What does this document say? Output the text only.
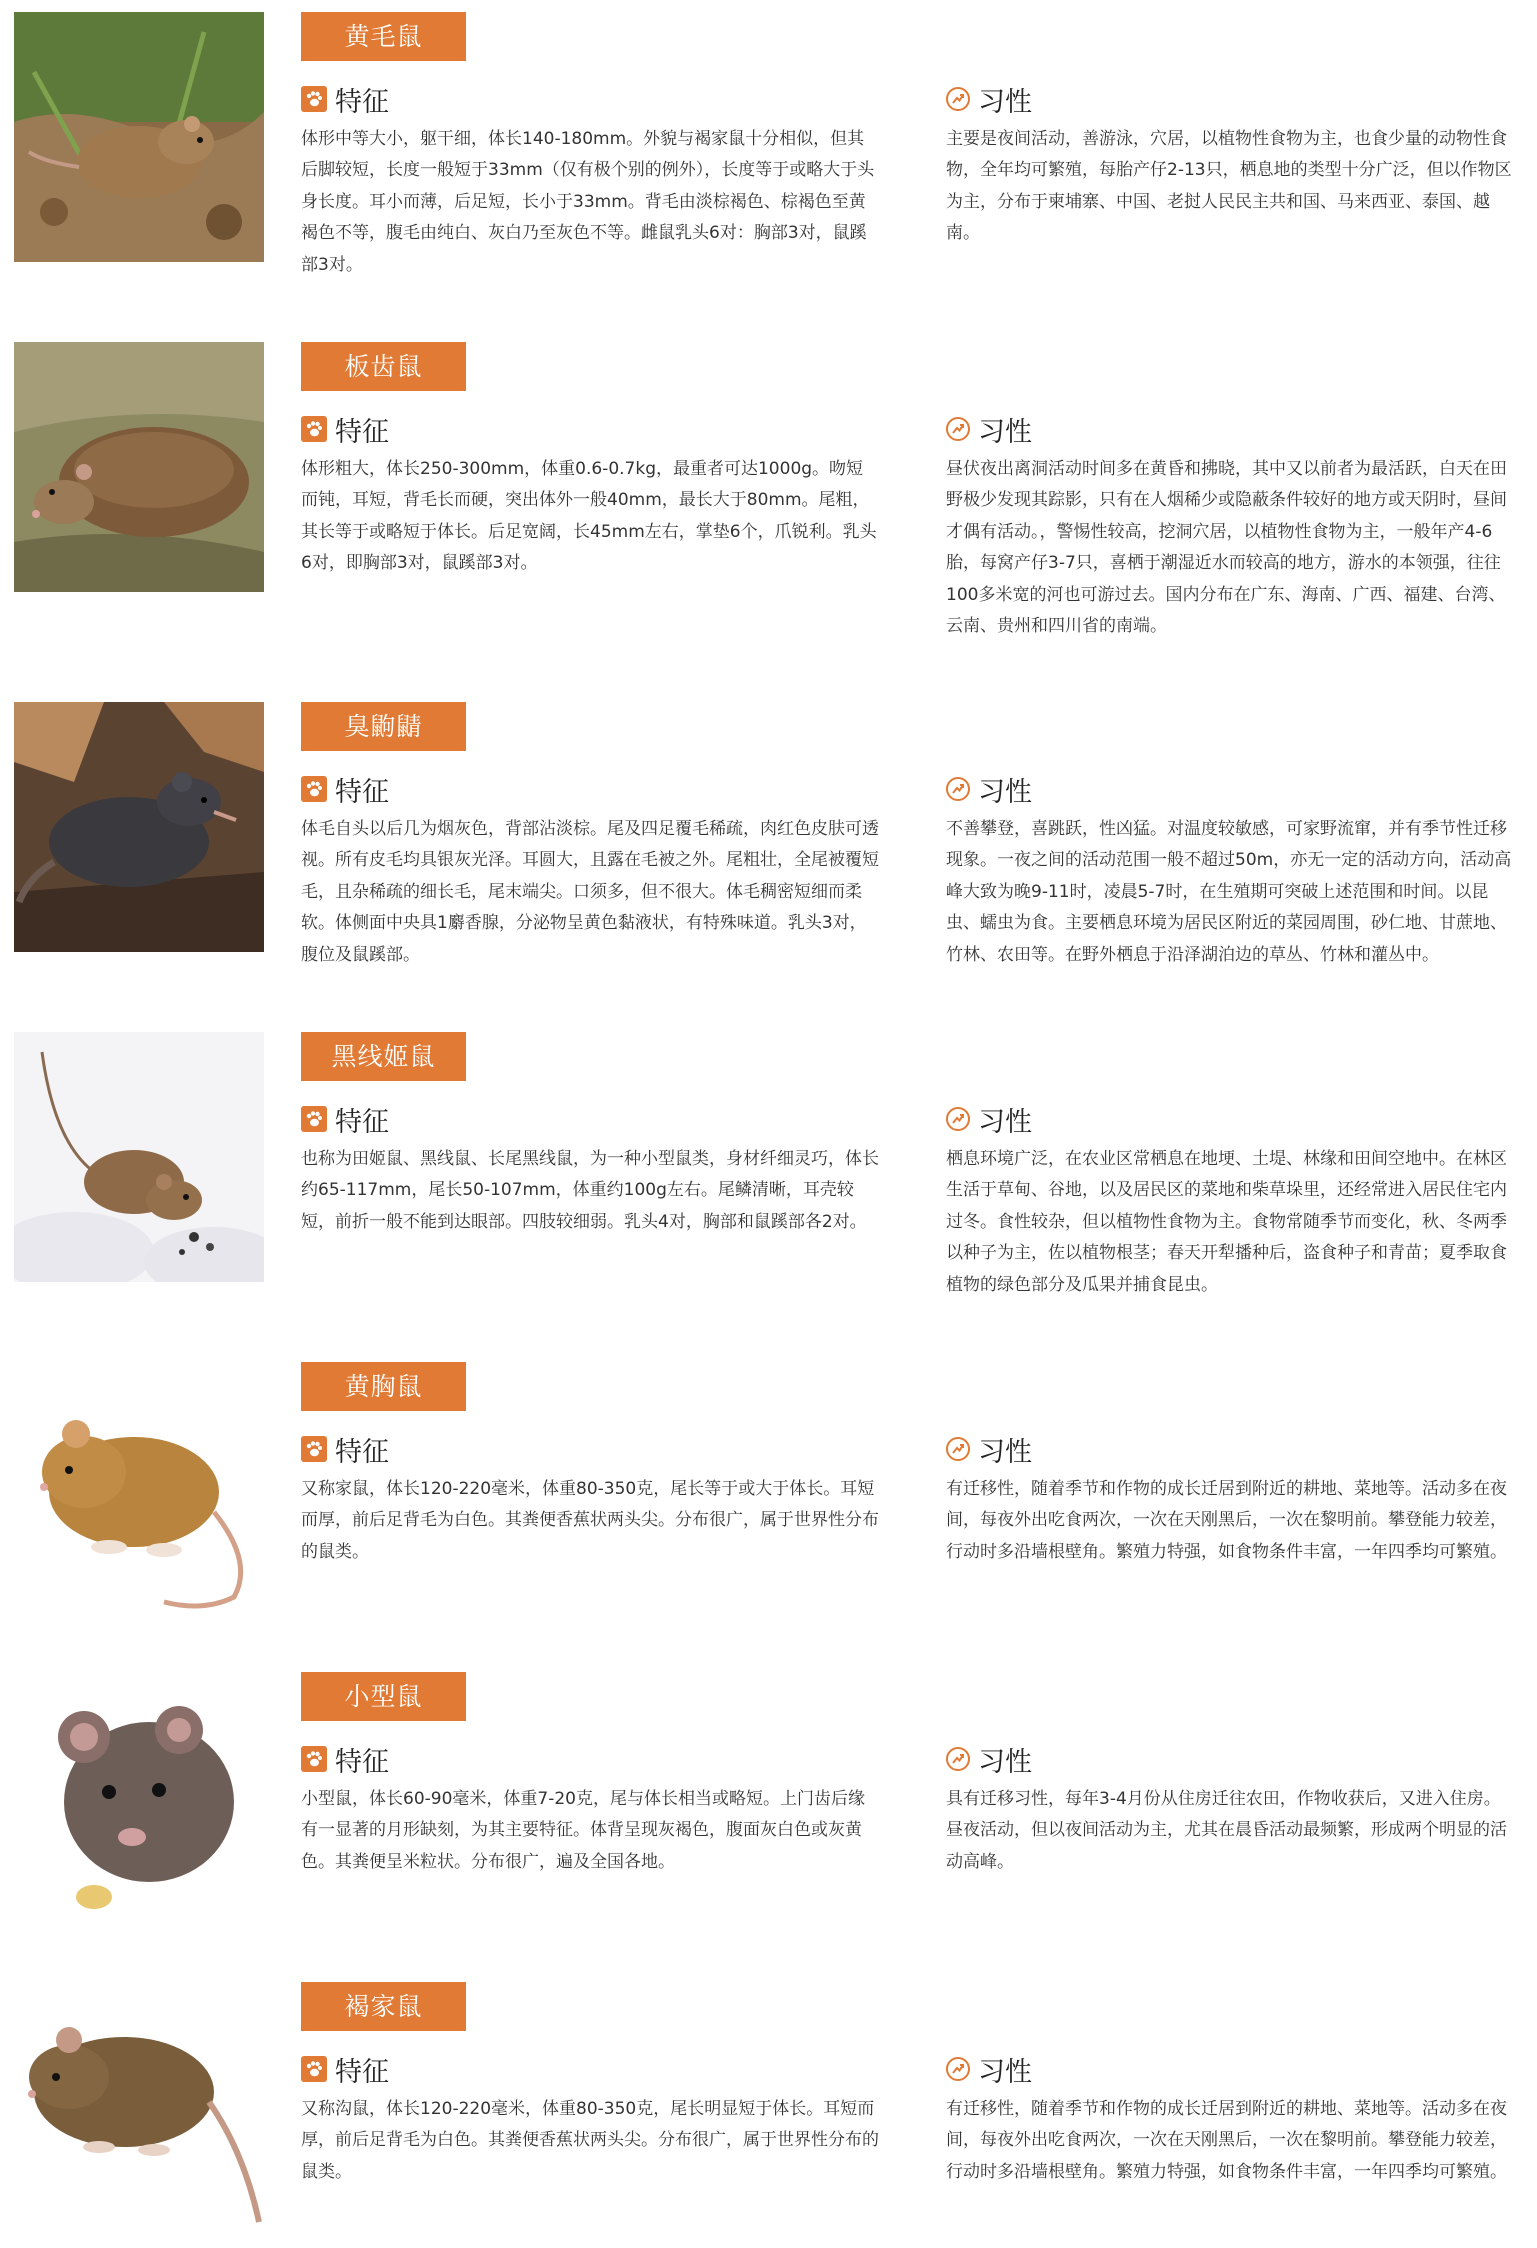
黄毛鼠
特征
体形中等大小，躯干细，体长140-180mm。外貌与褐家鼠十分相似，但其后脚较短，长度一般短于33mm（仅有极个别的例外），长度等于或略大于头身长度。耳小而薄，后足短，长小于33mm。背毛由淡棕褐色、棕褐色至黄褐色不等，腹毛由纯白、灰白乃至灰色不等。雌鼠乳头6对：胸部3对，鼠蹊部3对。
习性
主要是夜间活动，善游泳，穴居，以植物性食物为主，也食少量的动物性食物，全年均可繁殖，每胎产仔2-13只，栖息地的类型十分广泛，但以作物区为主，分布于柬埔寨、中国、老挝人民民主共和国、马来西亚、泰国、越南。
板齿鼠
特征
体形粗大，体长250-300mm，体重0.6-0.7kg，最重者可达1000g。吻短而钝，耳短，背毛长而硬，突出体外一般40mm，最长大于80mm。尾粗，其长等于或略短于体长。后足宽阔，长45mm左右，掌垫6个，爪锐利。乳头6对，即胸部3对，鼠蹊部3对。
习性
昼伏夜出离洞活动时间多在黄昏和拂晓，其中又以前者为最活跃，白天在田野极少发现其踪影，只有在人烟稀少或隐蔽条件较好的地方或天阴时，昼间才偶有活动。，警惕性较高，挖洞穴居，以植物性食物为主，一般年产4-6胎，每窝产仔3-7只，喜栖于潮湿近水而较高的地方，游水的本领强，往往100多米宽的河也可游过去。国内分布在广东、海南、广西、福建、台湾、云南、贵州和四川省的南端。
臭鼩鼱
特征
体毛自头以后几为烟灰色，背部沾淡棕。尾及四足覆毛稀疏，肉红色皮肤可透视。所有皮毛均具银灰光泽。耳圆大，且露在毛被之外。尾粗壮，全尾被覆短毛，且杂稀疏的细长毛，尾末端尖。口须多，但不很大。体毛稠密短细而柔软。体侧面中央具1麝香腺，分泌物呈黄色黏液状，有特殊味道。乳头3对，腹位及鼠蹊部。
习性
不善攀登，喜跳跃，性凶猛。对温度较敏感，可家野流窜，并有季节性迁移现象。一夜之间的活动范围一般不超过50m，亦无一定的活动方向，活动高峰大致为晚9-11时，凌晨5-7时，在生殖期可突破上述范围和时间。以昆虫、蠕虫为食。主要栖息环境为居民区附近的菜园周围，砂仁地、甘蔗地、竹林、农田等。在野外栖息于沿泽湖泊边的草丛、竹林和灌丛中。
黑线姬鼠
特征
也称为田姬鼠、黑线鼠、长尾黑线鼠，为一种小型鼠类，身材纤细灵巧，体长约65-117mm，尾长50-107mm，体重约100g左右。尾鳞清晰，耳壳较短，前折一般不能到达眼部。四肢较细弱。乳头4对，胸部和鼠蹊部各2对。
习性
栖息环境广泛，在农业区常栖息在地埂、土堤、林缘和田间空地中。在林区生活于草甸、谷地，以及居民区的菜地和柴草垛里，还经常进入居民住宅内过冬。食性较杂，但以植物性食物为主。食物常随季节而变化，秋、冬两季以种子为主，佐以植物根茎；春天开犁播种后，盗食种子和青苗；夏季取食植物的绿色部分及瓜果并捕食昆虫。
黄胸鼠
特征
又称家鼠，体长120-220毫米，体重80-350克，尾长等于或大于体长。耳短而厚，前后足背毛为白色。其粪便香蕉状两头尖。分布很广，属于世界性分布的鼠类。
习性
有迁移性，随着季节和作物的成长迁居到附近的耕地、菜地等。活动多在夜间，每夜外出吃食两次，一次在天刚黑后，一次在黎明前。攀登能力较差，行动时多沿墙根壁角。繁殖力特强，如食物条件丰富，一年四季均可繁殖。
小型鼠
特征
小型鼠，体长60-90毫米，体重7-20克，尾与体长相当或略短。上门齿后缘有一显著的月形缺刻，为其主要特征。体背呈现灰褐色，腹面灰白色或灰黄色。其粪便呈米粒状。分布很广，遍及全国各地。
习性
具有迁移习性，每年3-4月份从住房迁往农田，作物收获后，又进入住房。昼夜活动，但以夜间活动为主，尤其在晨昏活动最频繁，形成两个明显的活动高峰。
褐家鼠
特征
又称沟鼠，体长120-220毫米，体重80-350克，尾长明显短于体长。耳短而厚，前后足背毛为白色。其粪便香蕉状两头尖。分布很广，属于世界性分布的鼠类。
习性
有迁移性，随着季节和作物的成长迁居到附近的耕地、菜地等。活动多在夜间，每夜外出吃食两次，一次在天刚黑后，一次在黎明前。攀登能力较差，行动时多沿墙根壁角。繁殖力特强，如食物条件丰富，一年四季均可繁殖。
